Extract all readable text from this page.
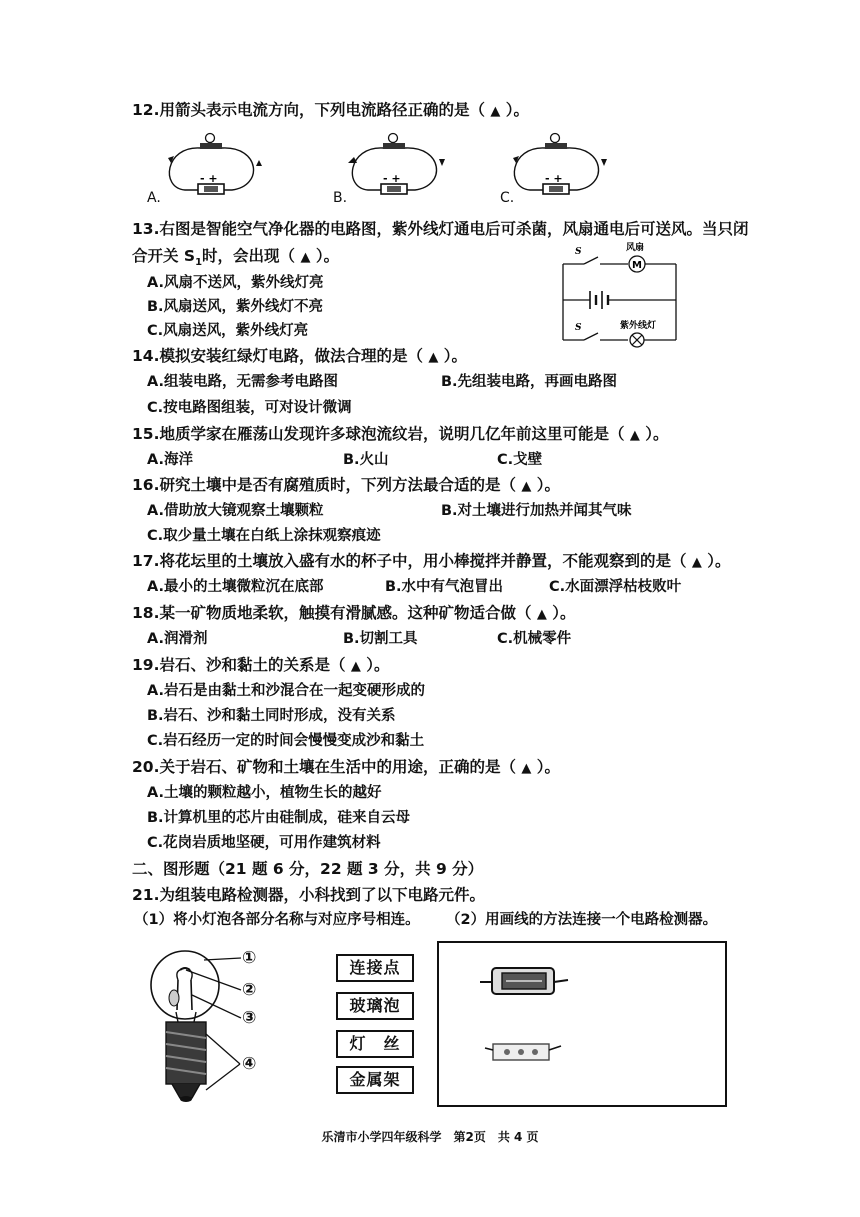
12.用箭头表示电流方向，下列电流路径正确的是（ ▲ ）。
- +
A.
- +
B.
- +
C.
13.右图是智能空气净化器的电路图，紫外线灯通电后可杀菌，风扇通电后可送风。当只闭
合开关 $S_1$时，会出现（ ▲ ）。
A.风扇不送风，紫外线灯亮
B.风扇送风，紫外线灯不亮
C.风扇送风，紫外线灯亮
M
风扇
S
紫外线灯
S
14.模拟安装红绿灯电路，做法合理的是（ ▲ ）。
A.组装电路，无需参考电路图	B.先组装电路，再画电路图
C.按电路图组装，可对设计微调
15.地质学家在雁荡山发现许多球泡流纹岩，说明几亿年前这里可能是（ ▲ ）。
A.海洋	B.火山	C.戈壁
16.研究土壤中是否有腐殖质时，下列方法最合适的是（ ▲ ）。
A.借助放大镜观察土壤颗粒	B.对土壤进行加热并闻其气味
C.取少量土壤在白纸上涂抹观察痕迹
17.将花坛里的土壤放入盛有水的杯子中，用小棒搅拌并静置，不能观察到的是（ ▲ ）。
A.最小的土壤微粒沉在底部	B.水中有气泡冒出	C.水面漂浮枯枝败叶
18.某一矿物质地柔软，触摸有滑腻感。这种矿物适合做（ ▲ ）。
A.润滑剂	B.切割工具	C.机械零件
19.岩石、沙和黏土的关系是（ ▲ ）。
A.岩石是由黏土和沙混合在一起变硬形成的
B.岩石、沙和黏土同时形成，没有关系
C.岩石经历一定的时间会慢慢变成沙和黏土
20.关于岩石、矿物和土壤在生活中的用途，正确的是（ ▲ ）。
A.土壤的颗粒越小，植物生长的越好
B.计算机里的芯片由硅制成，硅来自云母
C.花岗岩质地坚硬，可用作建筑材料
二、图形题（21 题 6 分，22 题 3 分，共 9 分）
21.为组装电路检测器，小科找到了以下电路元件。
（1）将小灯泡各部分名称与对应序号相连。 （2）用画线的方法连接一个电路检测器。
①
②
③
④
连接点
玻璃泡
灯　丝
金属架
乐清市小学四年级科学　第2页　共 4 页
